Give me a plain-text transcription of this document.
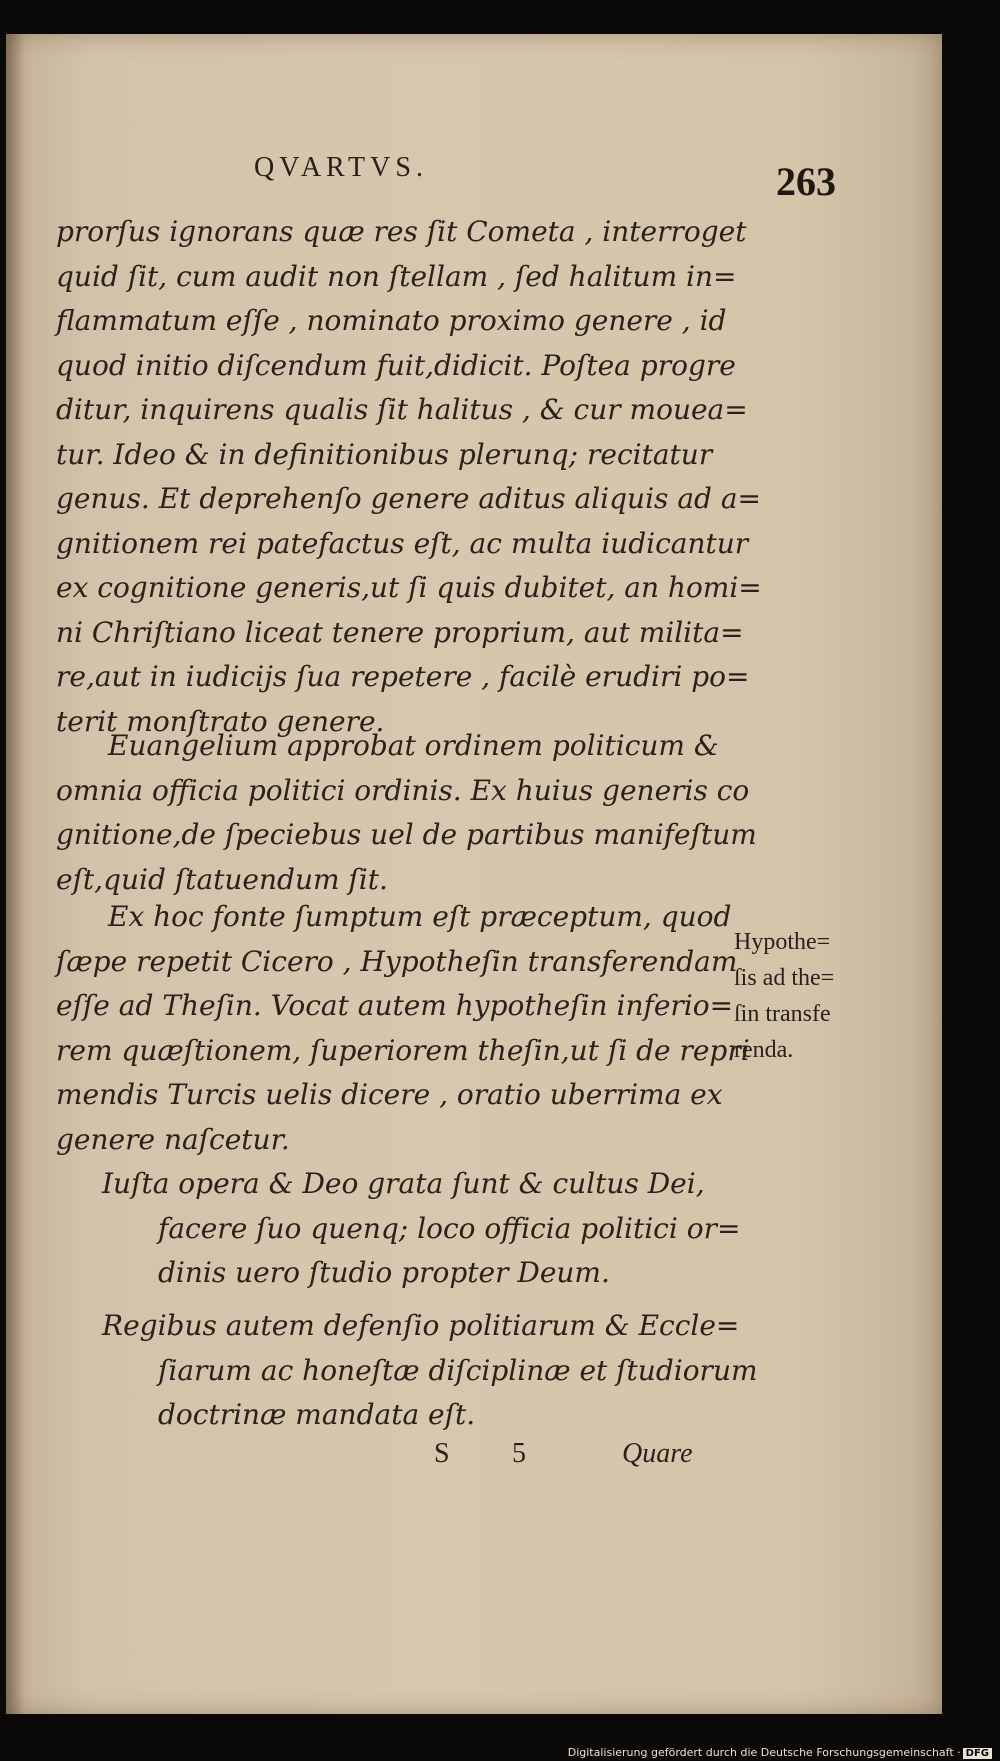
QVARTVS.	263
prorſus ignorans quæ res ſit Cometa , interroget
quid ſit, cum audit non ſtellam , ſed halitum in=
flammatum eſſe , nominato proximo genere , id
quod initio diſcendum fuit,didicit. Poſtea progre
ditur, inquirens qualis ſit halitus , & cur mouea=
tur. Ideo & in definitionibus plerunq; recitatur
genus. Et deprehenſo genere aditus aliquis ad a=
gnitionem rei patefactus eſt, ac multa iudicantur
ex cognitione generis,ut ſi quis dubitet, an homi=
ni Chriſtiano liceat tenere proprium, aut milita=
re,aut in iudicijs ſua repetere , facilè erudiri po=
terit monſtrato genere.
Euangelium approbat ordinem politicum &
omnia officia politici ordinis. Ex huius generis co
gnitione,de ſpeciebus uel de partibus manifeſtum
eſt,quid ſtatuendum ſit.
Ex hoc fonte ſumptum eſt præceptum, quod
ſæpe repetit Cicero , Hypotheſin transferendam
eſſe ad Theſin. Vocat autem hypotheſin inferio=
rem quæſtionem, ſuperiorem theſin,ut ſi de repri
mendis Turcis uelis dicere , oratio uberrima ex
genere naſcetur.
Hypothe=
ſis ad the=
ſin transfe
renda.
Iuſta opera & Deo grata ſunt & cultus Dei,
facere ſuo quenq; loco officia politici or=
dinis uero ſtudio propter Deum.
Regibus autem defenſio politiarum & Eccle=
ſiarum ac honeſtæ diſciplinæ et ſtudiorum
doctrinæ mandata eſt.
S 5	Quare
Digitalisierung gefördert durch die Deutsche Forschungsgemeinschaft · DFG
